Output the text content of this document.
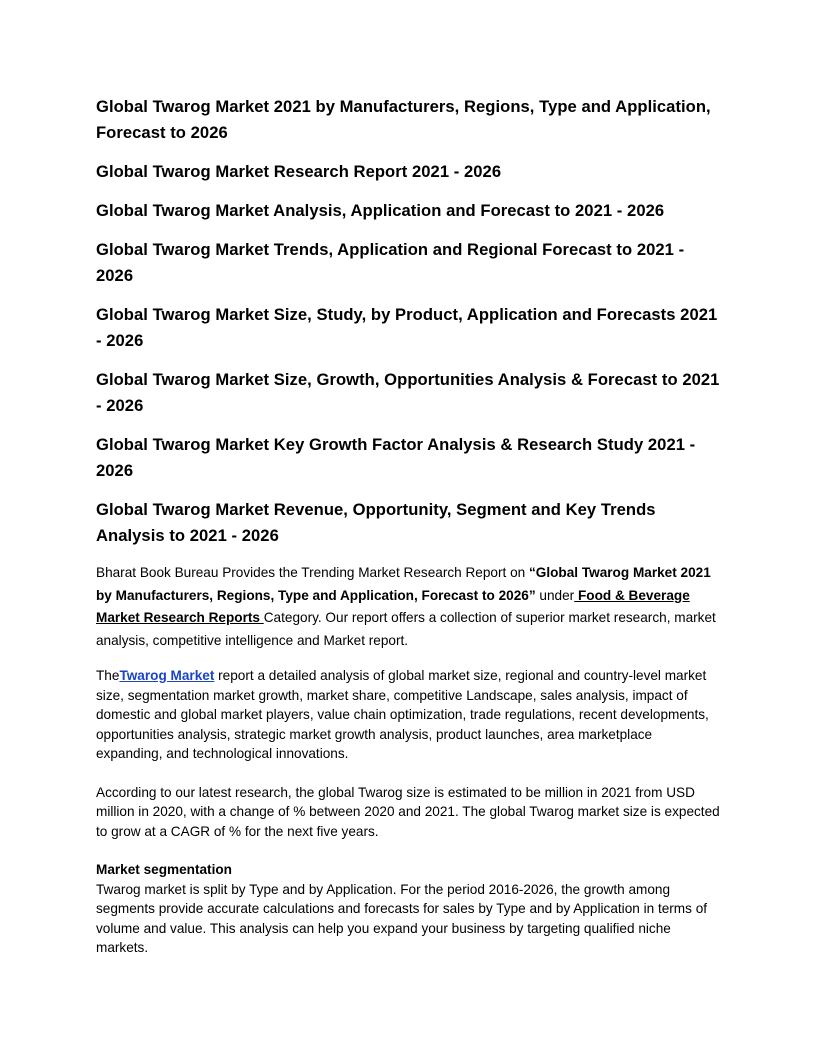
Global Twarog Market 2021 by Manufacturers, Regions, Type and Application, Forecast to 2026
Global Twarog Market Research Report 2021 - 2026
Global Twarog Market Analysis, Application and Forecast to 2021 - 2026
Global Twarog Market Trends, Application and Regional Forecast to 2021 - 2026
Global Twarog Market Size, Study, by Product, Application and Forecasts 2021 - 2026
Global Twarog Market Size, Growth, Opportunities Analysis & Forecast to 2021 - 2026
Global Twarog Market Key Growth Factor Analysis & Research Study 2021 - 2026
Global Twarog Market Revenue, Opportunity, Segment and Key Trends Analysis to 2021 - 2026

Bharat Book Bureau Provides the Trending Market Research Report on “Global Twarog Market 2021 by Manufacturers, Regions, Type and Application, Forecast to 2026” under Food & Beverage Market Research Reports Category. Our report offers a collection of superior market research, market analysis, competitive intelligence and Market report.

TheTwarog Market report a detailed analysis of global market size, regional and country-level market size, segmentation market growth, market share, competitive Landscape, sales analysis, impact of domestic and global market players, value chain optimization, trade regulations, recent developments, opportunities analysis, strategic market growth analysis, product launches, area marketplace expanding, and technological innovations.

According to our latest research, the global Twarog size is estimated to be million in 2021 from USD million in 2020, with a change of % between 2020 and 2021. The global Twarog market size is expected to grow at a CAGR of % for the next five years.

Market segmentation
Twarog market is split by Type and by Application. For the period 2016-2026, the growth among segments provide accurate calculations and forecasts for sales by Type and by Application in terms of volume and value. This analysis can help you expand your business by targeting qualified niche markets.
